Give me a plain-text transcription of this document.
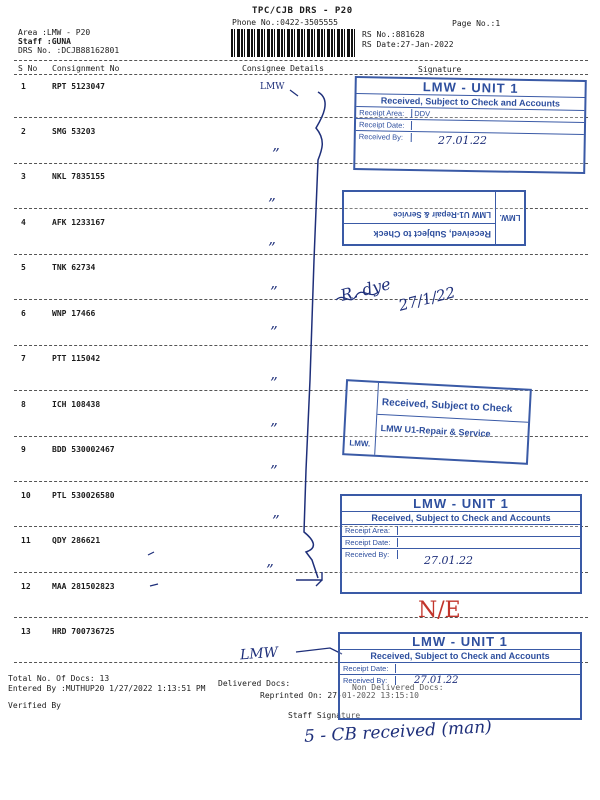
TPC/CJB DRS - P20
Phone No.:0422-3505555	Page No.:1
Area :LMW - P20
Staff :GUNA
DRS No. :DCJB88162801
RS No.:881628
RS Date:27-Jan-2022
S No Consignment No	Consignee Details	Signature
1	RPT 5123047
2	SMG 53203
3	NKL 7835155
4	AFK 1233167
5	TNK 62734
6	WNP 17466
7	PTT 115042
8	ICH 108438
9	BDD 530002467
10	PTL 530026580
11	QDY 286621
12	MAA 281502823
13	HRD 700736725
Total No. Of Docs: 13
Entered By :MUTHUP20 1/27/2022 1:13:51 PM
Verified By
Delivered Docs:	Non Delivered Docs:
Reprinted On: 27-01-2022 13:15:10
Staff Signature
”
”
”
”
”
”
”
”
”
”
LMW
R. dye 27/1/22
N/E
LMW
5 - CB received (man)
LMW - UNIT 1
Received, Subject to Check and Accounts
Receipt Area: DDV
Receipt Date:
Received By:	27.01.22
LMW.
Received, Subject to Check
LMW U1-Repair & Service
LMW.
Received, Subject to Check
LMW U1-Repair & Service
LMW - UNIT 1
Received, Subject to Check and Accounts
Receipt Area:
Receipt Date:
Received By:	27.01.22
LMW - UNIT 1
Received, Subject to Check and Accounts
Receipt Date:
Received By:	27.01.22
